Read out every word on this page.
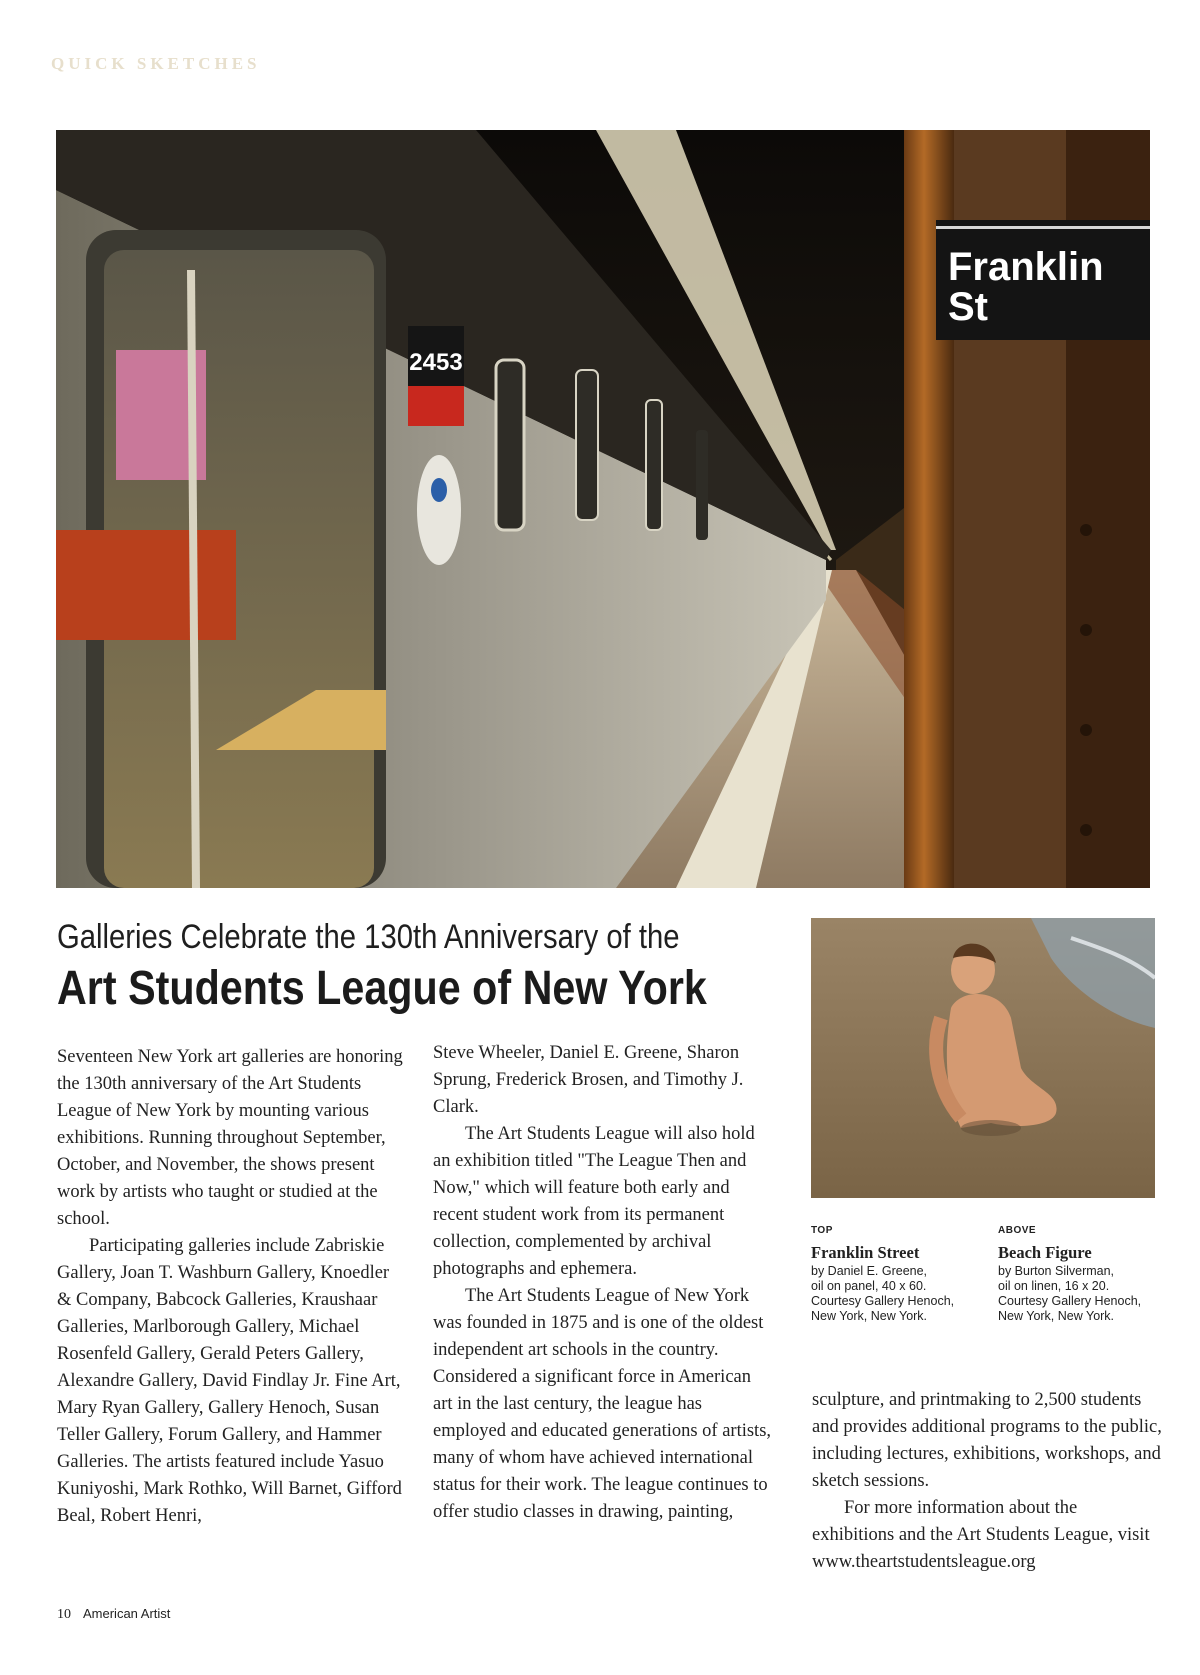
QUICK SKETCHES
2453
Franklin
St
Galleries Celebrate the 130th Anniversary of the
Art Students League of New York

Seventeen New York art galleries are honoring the 130th anniversary of the Art Students League of New York by mounting various exhibitions. Running throughout September, October, and November, the shows present work by artists who taught or studied at the school.

Participating galleries include Zabriskie Gallery, Joan T. Washburn Gallery, Knoedler & Company, Babcock Galleries, Kraushaar Galleries, Marlborough Gallery, Michael Rosenfeld Gallery, Gerald Peters Gallery, Alexandre Gallery, David Findlay Jr. Fine Art, Mary Ryan Gallery, Gallery Henoch, Susan Teller Gallery, Forum Gallery, and Hammer Galleries. The artists featured include Yasuo Kuniyoshi, Mark Rothko, Will Barnet, Gifford Beal, Robert Henri,

Steve Wheeler, Daniel E. Greene, Sharon Sprung, Frederick Brosen, and Timothy J. Clark.

The Art Students League will also hold an exhibition titled "The League Then and Now," which will feature both early and recent student work from its permanent collection, complemented by archival photographs and ephemera.

The Art Students League of New York was founded in 1875 and is one of the oldest independent art schools in the country. Considered a significant force in American art in the last century, the league has employed and educated generations of artists, many of whom have achieved international status for their work. The league continues to offer studio classes in drawing, painting,

TOP
Franklin Street
by Daniel E. Greene,
oil on panel, 40 x 60.
Courtesy Gallery Henoch,
New York, New York.
ABOVE
Beach Figure
by Burton Silverman,
oil on linen, 16 x 20.
Courtesy Gallery Henoch,
New York, New York.

sculpture, and printmaking to 2,500 students and provides additional programs to the public, including lectures, exhibitions, workshops, and sketch sessions.

For more information about the exhibitions and the Art Students League, visit www.theartstudentsleague.org

10 American Artist
